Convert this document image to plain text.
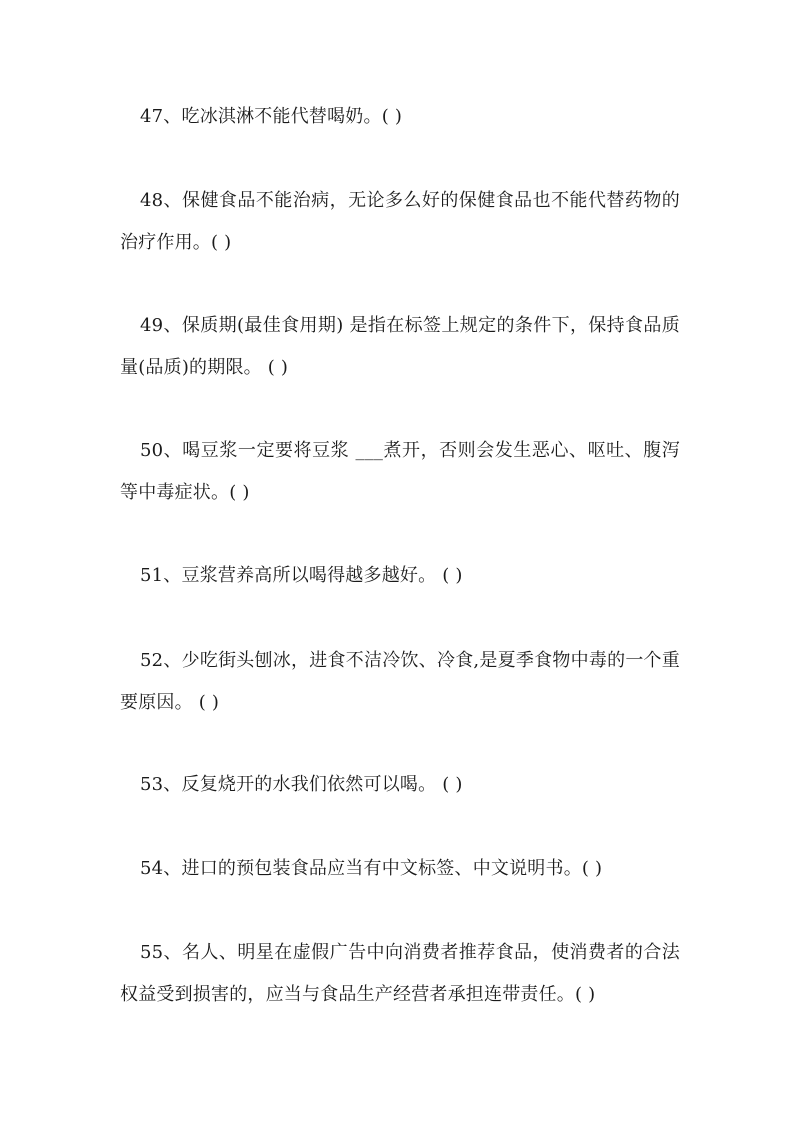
47、吃冰淇淋不能代替喝奶。( )

48、保健食品不能治病，无论多么好的保健食品也不能代替药物的治疗作用。( )

49、保质期(最佳食用期) 是指在标签上规定的条件下，保持食品质量(品质)的期限。 ( )

50、喝豆浆一定要将豆浆 ___煮开，否则会发生恶心、呕吐、腹泻等中毒症状。( )

51、豆浆营养高所以喝得越多越好。 ( )

52、少吃街头刨冰，进食不洁冷饮、冷食,是夏季食物中毒的一个重要原因。 ( )

53、反复烧开的水我们依然可以喝。 ( )

54、进口的预包装食品应当有中文标签、中文说明书。( )

55、名人、明星在虚假广告中向消费者推荐食品，使消费者的合法权益受到损害的，应当与食品生产经营者承担连带责任。( )
